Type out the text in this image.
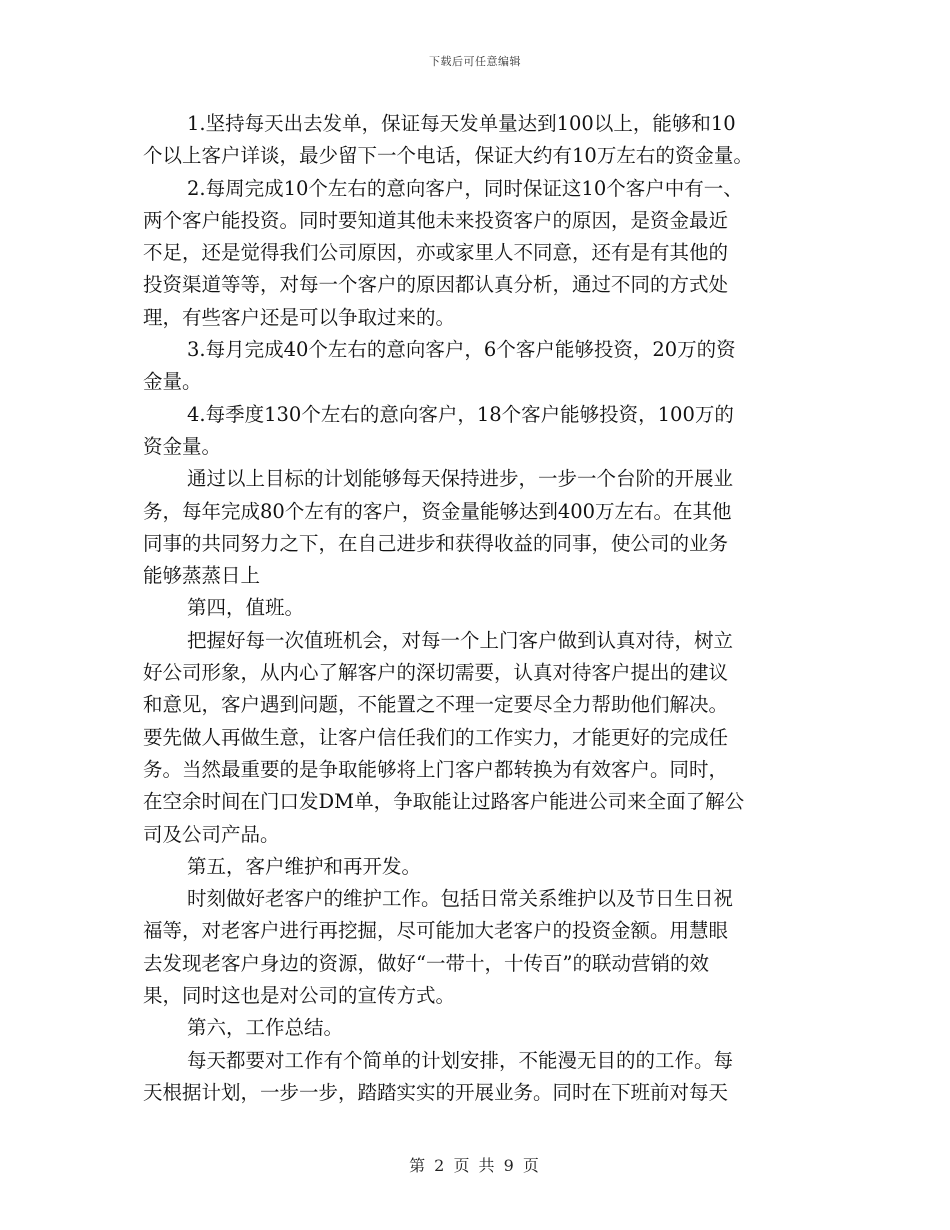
下载后可任意编辑
1.坚持每天出去发单，保证每天发单量达到100以上，能够和10
个以上客户详谈，最少留下一个电话，保证大约有10万左右的资金量。
2.每周完成10个左右的意向客户，同时保证这10个客户中有一、
两个客户能投资。同时要知道其他未来投资客户的原因，是资金最近
不足，还是觉得我们公司原因，亦或家里人不同意，还有是有其他的
投资渠道等等，对每一个客户的原因都认真分析，通过不同的方式处
理，有些客户还是可以争取过来的。
3.每月完成40个左右的意向客户，6个客户能够投资，20万的资
金量。
4.每季度130个左右的意向客户，18个客户能够投资，100万的
资金量。
通过以上目标的计划能够每天保持进步，一步一个台阶的开展业
务，每年完成80个左有的客户，资金量能够达到400万左右。在其他
同事的共同努力之下，在自己进步和获得收益的同事，使公司的业务
能够蒸蒸日上
第四，值班。
把握好每一次值班机会，对每一个上门客户做到认真对待，树立
好公司形象，从内心了解客户的深切需要，认真对待客户提出的建议
和意见，客户遇到问题，不能置之不理一定要尽全力帮助他们解决。
要先做人再做生意，让客户信任我们的工作实力，才能更好的完成任
务。当然最重要的是争取能够将上门客户都转换为有效客户。同时，
在空余时间在门口发DM单，争取能让过路客户能进公司来全面了解公
司及公司产品。
第五，客户维护和再开发。
时刻做好老客户的维护工作。包括日常关系维护以及节日生日祝
福等，对老客户进行再挖掘，尽可能加大老客户的投资金额。用慧眼
去发现老客户身边的资源，做好“一带十，十传百”的联动营销的效
果，同时这也是对公司的宣传方式。
第六，工作总结。
每天都要对工作有个简单的计划安排，不能漫无目的的工作。每
天根据计划，一步一步，踏踏实实的开展业务。同时在下班前对每天
第 2 页 共 9 页
